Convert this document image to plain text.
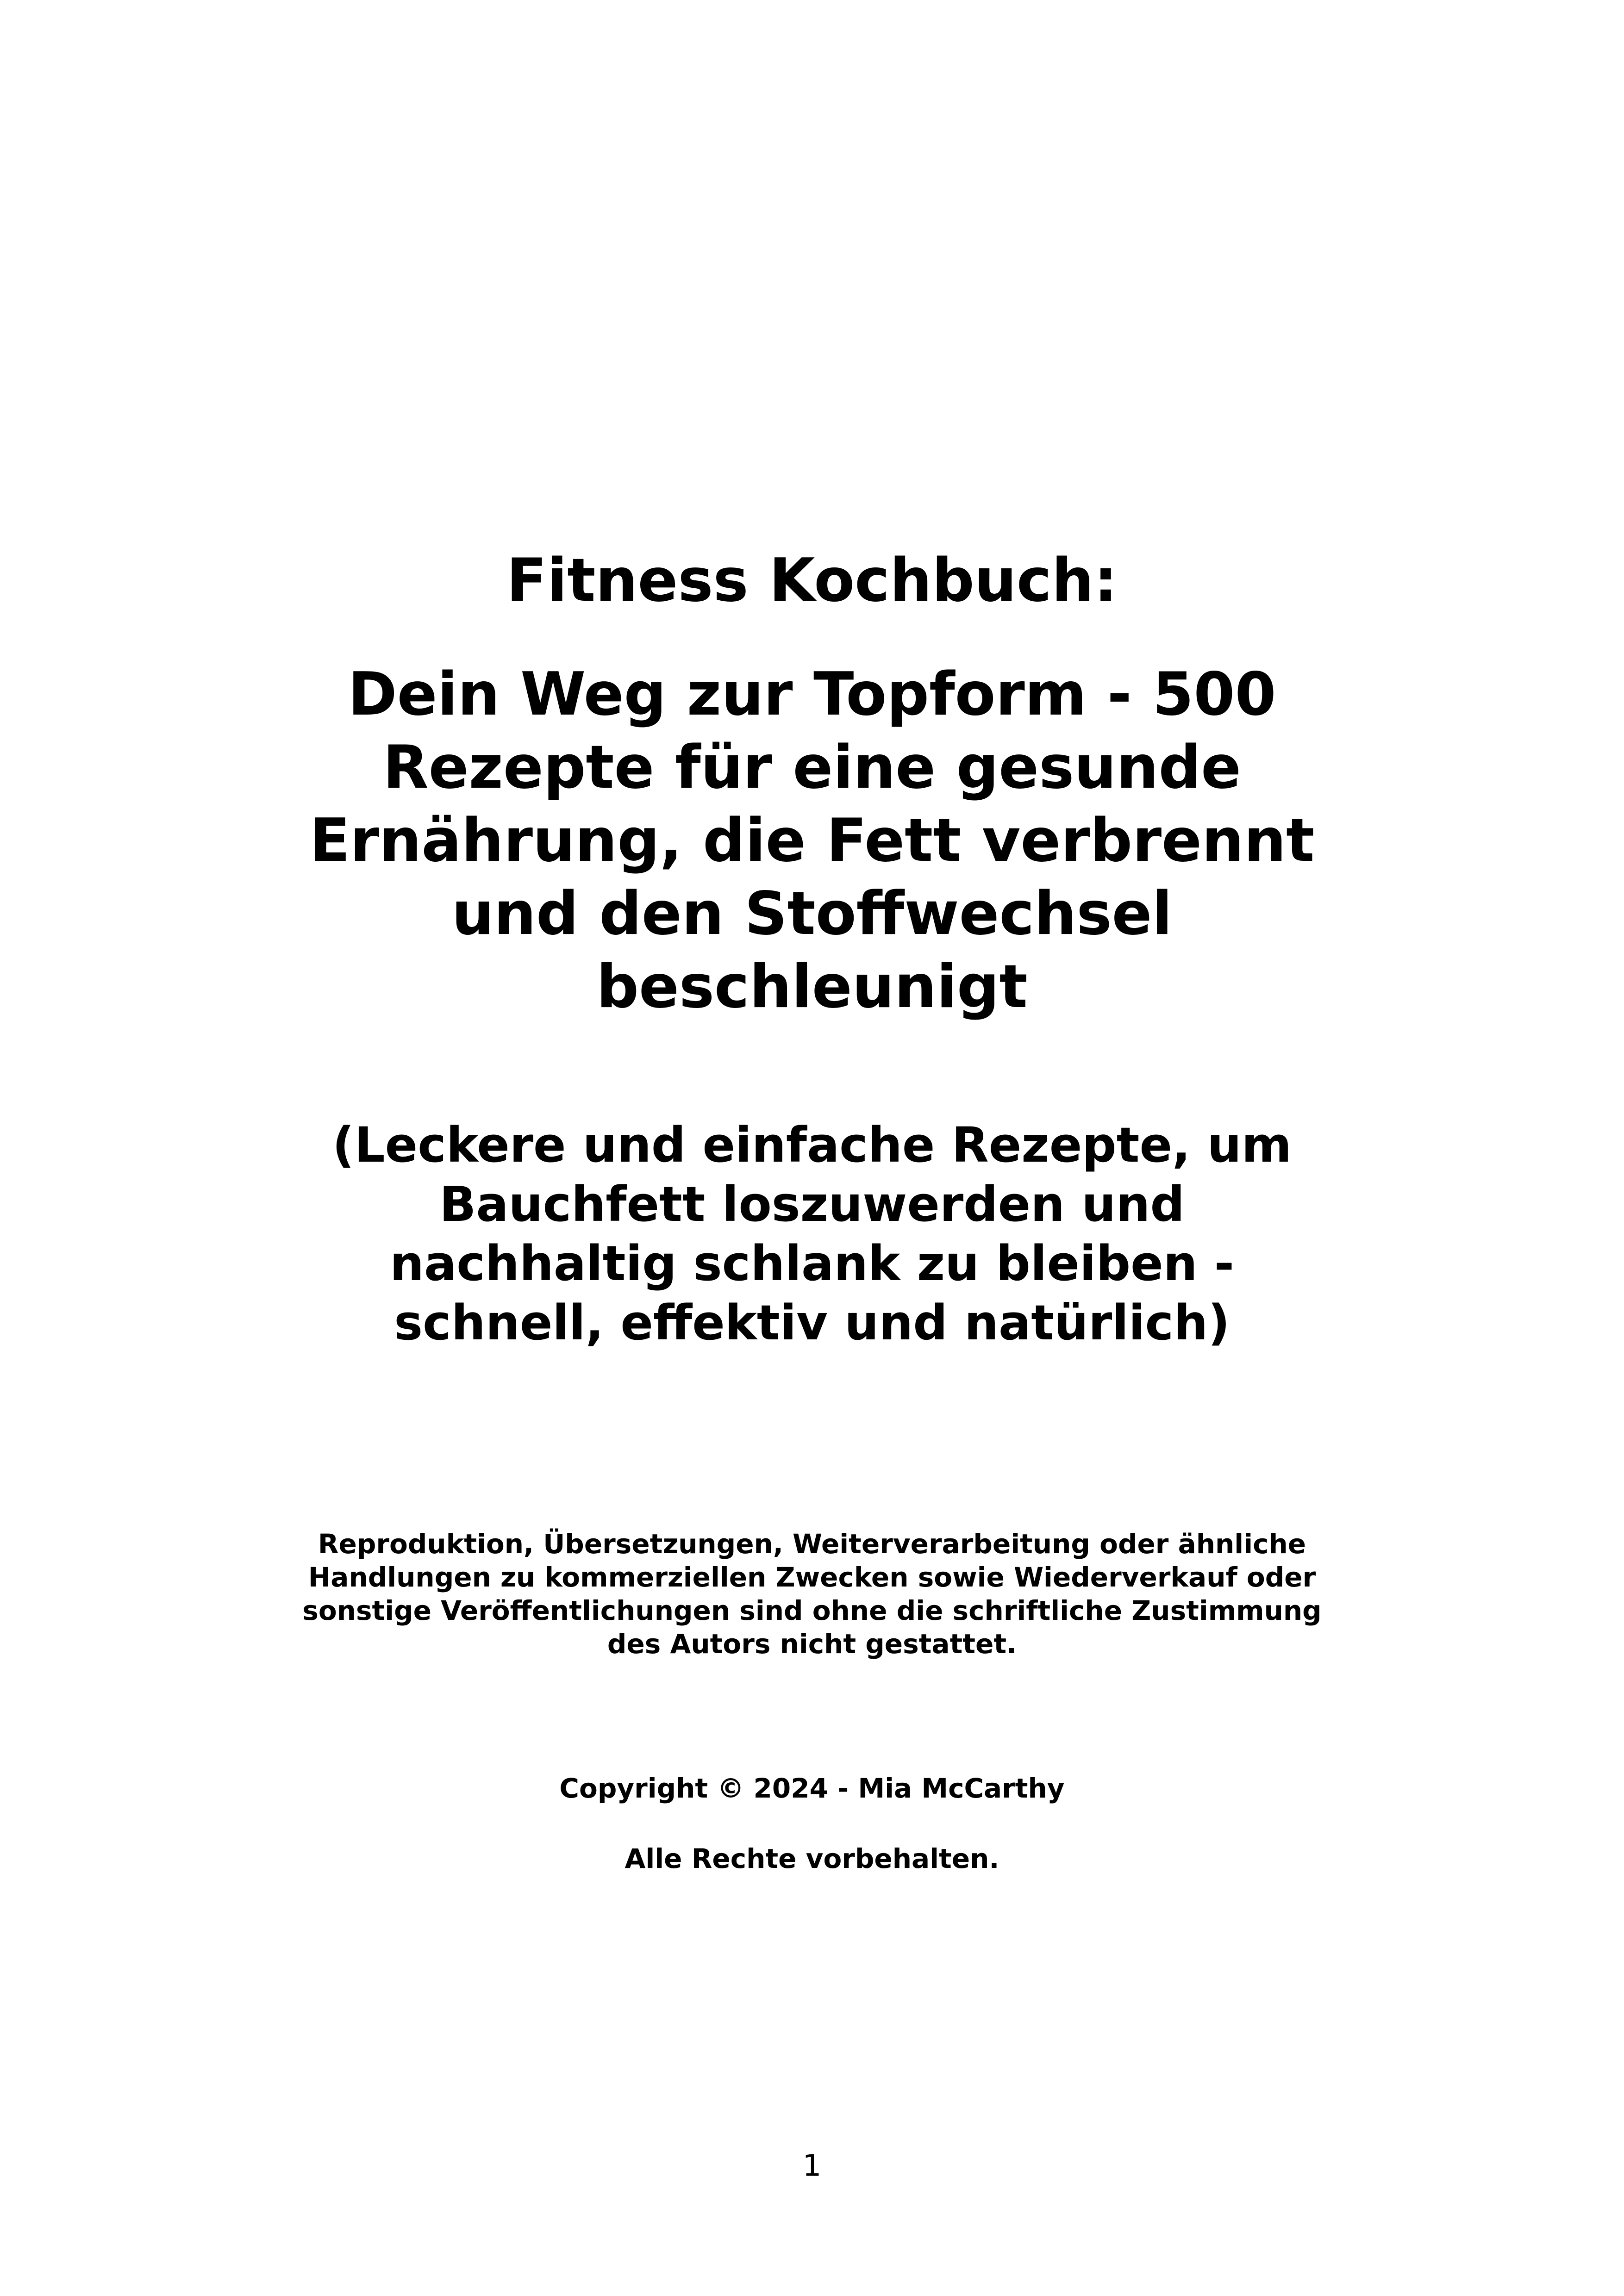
Fitness Kochbuch:
Dein Weg zur Topform - 500
Rezepte für eine gesunde
Ernährung, die Fett verbrennt
und den Stoffwechsel
beschleunigt
(Leckere und einfache Rezepte, um
Bauchfett loszuwerden und
nachhaltig schlank zu bleiben -
schnell, effektiv und natürlich)
Reproduktion, Übersetzungen, Weiterverarbeitung oder ähnliche
Handlungen zu kommerziellen Zwecken sowie Wiederverkauf oder
sonstige Veröffentlichungen sind ohne die schriftliche Zustimmung
des Autors nicht gestattet.
Copyright © 2024 - Mia McCarthy
Alle Rechte vorbehalten.
1
